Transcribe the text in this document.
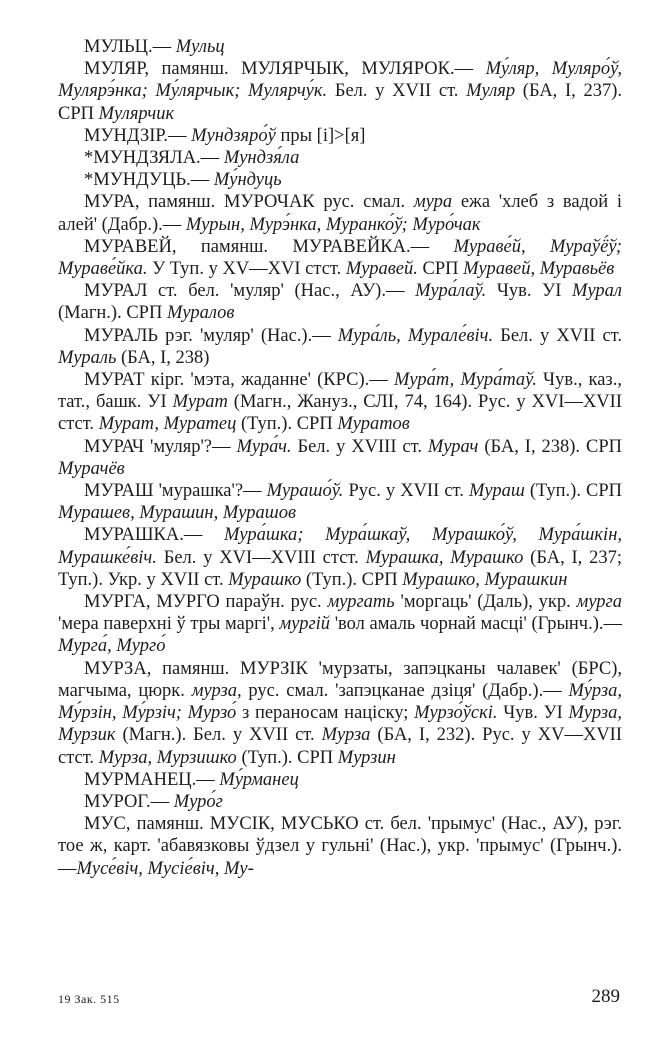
МУЛЬЦ.— Мульц

МУЛЯР, памянш. МУЛЯРЧЫК, МУЛЯРОК.— Му́ляр, Муляро́ў, Мулярэ́нка; Му́лярчык; Мулярчу́к. Бел. у XVII ст. Муляр (БА, I, 237). СРП Мулярчик

МУНДЗІР.— Мундзяро́ў пры [і]>[я]

*МУНДЗЯЛА.— Мундзя́ла

*МУНДУЦЬ.— Му́ндуць

МУРА, памянш. МУРОЧАК рус. смал. мура ежа 'хлеб з вадой і алей' (Дабр.).— Мурын, Мурэ́нка, Муранко́ў; Муро́чак

МУРАВЕЙ, памянш. МУРАВЕЙКА.— Мураве́й, Мураўё́ў; Мураве́йка. У Туп. у XV—XVI стст. Муравей. СРП Муравей, Муравьёв

МУРАЛ ст. бел. 'муляр' (Нас., АУ).— Мура́лаў. Чув. УІ Мурал (Магн.). СРП Муралов

МУРАЛЬ рэг. 'муляр' (Нас.).— Мура́ль, Мурале́віч. Бел. у XVII ст. Мураль (БА, I, 238)

МУРАТ кірг. 'мэта, жаданне' (КРС).— Мура́т, Мура́таў. Чув., каз., тат., башк. УІ Мурат (Магн., Жануз., СЛІ, 74, 164). Рус. у XVI—XVII стст. Мурат, Муратец (Туп.). СРП Муратов

МУРАЧ 'муляр'?— Мура́ч. Бел. у XVIII ст. Мурач (БА, I, 238). СРП Мурачёв

МУРАШ 'мурашка'?— Мурашо́ў. Рус. у XVII ст. Мураш (Туп.). СРП Мурашев, Мурашин, Мурашов

МУРАШКА.— Мура́шка; Мура́шкаў, Мурашко́ў, Мура́шкін, Мурашке́віч. Бел. у XVI—XVIII стст. Мурашка, Мурашко (БА, I, 237; Туп.). Укр. у XVII ст. Мурашко (Туп.). СРП Мурашко, Мурашкин

МУРГА, МУРГО параўн. рус. мургать 'моргаць' (Даль), укр. мурга 'мера паверхні ў тры маргі', мургій 'вол амаль чорнай масці' (Грынч.).— Мурга́, Мурго́

МУРЗА, памянш. МУРЗІК 'мурзаты, запэцканы чалавек' (БРС), магчыма, цюрк. мурза, рус. смал. 'запэцканае дзіця' (Дабр.).— Му́рза, Му́рзін, Му́рзіч; Мурзо́ з пераносам націску; Мурзо́ўскі. Чув. УІ Мурза, Мурзик (Магн.). Бел. у XVII ст. Мурза (БА, I, 232). Рус. у XV—XVII стст. Мурза, Мурзишко (Туп.). СРП Мурзин

МУРМАНЕЦ.— Му́рманец

МУРОГ.— Муро́г

МУС, памянш. МУСІК, МУСЬКО ст. бел. 'прымус' (Нас., АУ), рэг. тое ж, карт. 'абавязковы ўдзел у гульні' (Нас.), укр. 'прымус' (Грынч.).—Мусе́віч, Мусіе́віч, Му-

19 Зак. 515	289
